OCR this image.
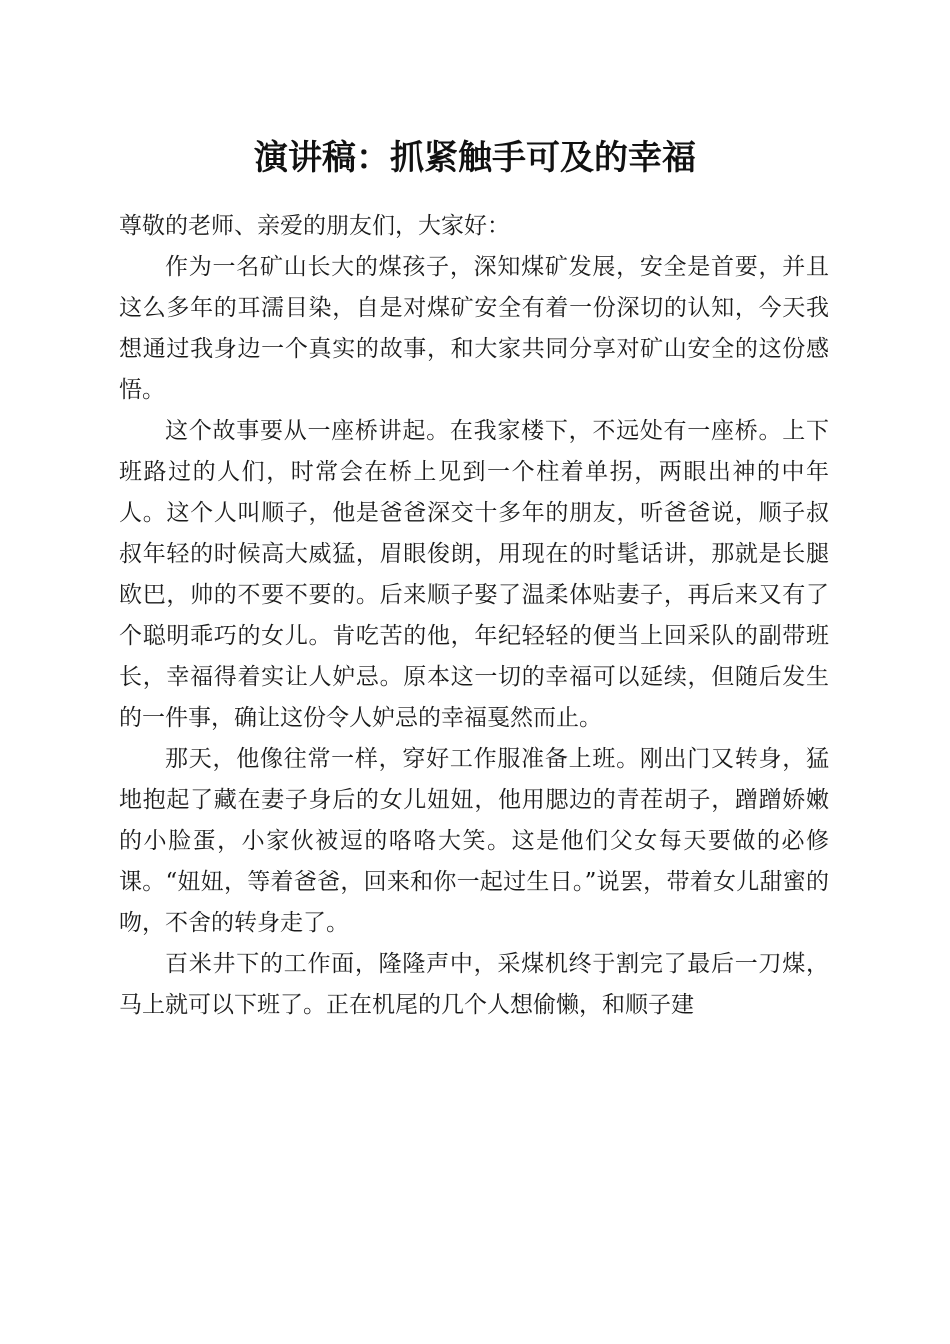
演讲稿：抓紧触手可及的幸福

尊敬的老师、亲爱的朋友们，大家好：

作为一名矿山长大的煤孩子，深知煤矿发展，安全是首要，并且这么多年的耳濡目染，自是对煤矿安全有着一份深切的认知，今天我想通过我身边一个真实的故事，和大家共同分享对矿山安全的这份感悟。

这个故事要从一座桥讲起。在我家楼下，不远处有一座桥。上下班路过的人们，时常会在桥上见到一个柱着单拐，两眼出神的中年人。这个人叫顺子，他是爸爸深交十多年的朋友，听爸爸说，顺子叔叔年轻的时候高大威猛，眉眼俊朗，用现在的时髦话讲，那就是长腿欧巴，帅的不要不要的。后来顺子娶了温柔体贴妻子，再后来又有了个聪明乖巧的女儿。肯吃苦的他，年纪轻轻的便当上回采队的副带班长，幸福得着实让人妒忌。原本这一切的幸福可以延续，但随后发生的一件事，确让这份令人妒忌的幸福戛然而止。

那天，他像往常一样，穿好工作服准备上班。刚出门又转身，猛地抱起了藏在妻子身后的女儿妞妞，他用腮边的青茬胡子，蹭蹭娇嫩的小脸蛋，小家伙被逗的咯咯大笑。这是他们父女每天要做的必修课。“妞妞，等着爸爸，回来和你一起过生日。”说罢，带着女儿甜蜜的吻，不舍的转身走了。

百米井下的工作面，隆隆声中，采煤机终于割完了最后一刀煤，马上就可以下班了。正在机尾的几个人想偷懒，和顺子建
